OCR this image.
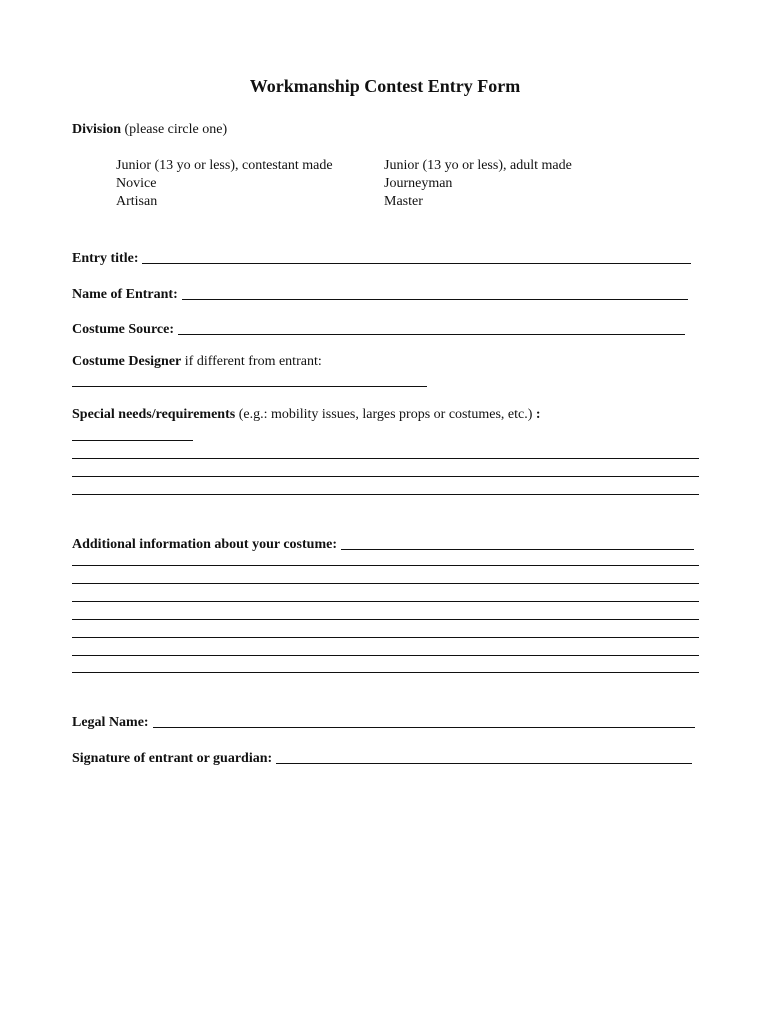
Workmanship Contest Entry Form
Division (please circle one)
Junior (13 yo or less), contestant made
Novice
Artisan
Junior (13 yo or less), adult made
Journeyman
Master
Entry title:
Name of Entrant:
Costume Source:
Costume Designer if different from entrant:
Special needs/requirements (e.g.: mobility issues, larges props or costumes, etc.) :
Additional information about your costume:
Legal Name:
Signature of entrant or guardian:
